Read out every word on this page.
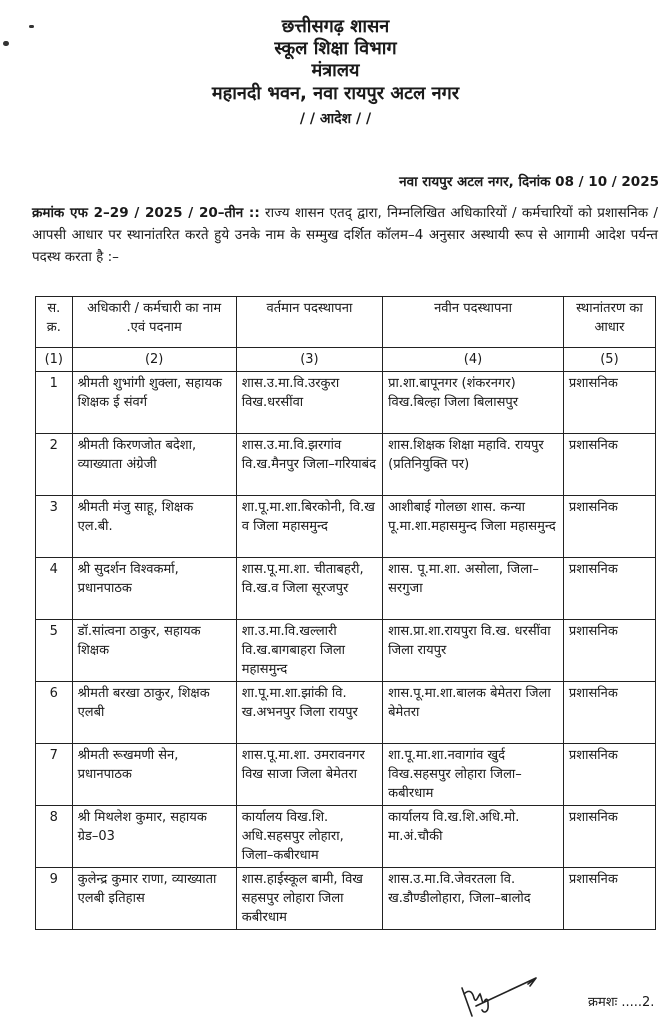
छत्तीसगढ़ शासन
स्कूल शिक्षा विभाग
मंत्रालय
महानदी भवन, नवा रायपुर अटल नगर
/ / आदेश / /
नवा रायपुर अटल नगर, दिनांक 08 / 10 / 2025
क्रमांक एफ 2–29 / 2025 / 20–तीन :: राज्य शासन एतद् द्वारा, निम्नलिखित अधिकारियों / कर्मचारियों को प्रशासनिक / आपसी आधार पर स्थानांतरित करते हुये उनके नाम के सम्मुख दर्शित कॉलम–4 अनुसार अस्थायी रूप से आगामी आदेश पर्यन्त पदस्थ करता है :–
स. क्र.	अधिकारी / कर्मचारी का नाम .एवं पदनाम	वर्तमान पदस्थापना	नवीन पदस्थापना	स्थानांतरण का आधार
(1)	(2)	(3)	(4)	(5)
1	श्रीमती शुभांगी शुक्ला, सहायक शिक्षक ई संवर्ग	शास.उ.मा.वि.उरकुरा विख.धरसींवा	प्रा.शा.बापूनगर (शंकरनगर) विख.बिल्हा जिला बिलासपुर	प्रशासनिक
2	श्रीमती किरणजोत बदेशा, व्याख्याता अंग्रेजी	शास.उ.मा.वि.झरगांव वि.ख.मैनपुर जिला–गरियाबंद	शास.शिक्षक शिक्षा महावि. रायपुर (प्रतिनियुक्ति पर)	प्रशासनिक
3	श्रीमती मंजु साहू, शिक्षक एल.बी.	शा.पू.मा.शा.बिरकोनी, वि.ख व जिला महासमुन्द	आशीबाई गोलछा शास. कन्या पू.मा.शा.महासमुन्द जिला महासमुन्द	प्रशासनिक
4	श्री सुदर्शन विश्वकर्मा, प्रधानपाठक	शास.पू.मा.शा. चीताबहरी, वि.ख.व जिला सूरजपुर	शास. पू.मा.शा. असोला, जिला–सरगुजा	प्रशासनिक
5	डॉ.सांत्वना ठाकुर, सहायक शिक्षक	शा.उ.मा.वि.खल्लारी वि.ख.बागबाहरा जिला महासमुन्द	शास.प्रा.शा.रायपुरा वि.ख. धरसींवा जिला रायपुर	प्रशासनिक
6	श्रीमती बरखा ठाकुर, शिक्षक एलबी	शा.पू.मा.शा.झांकी वि. ख.अभनपुर जिला रायपुर	शास.पू.मा.शा.बालक बेमेतरा जिला बेमेतरा	प्रशासनिक
7	श्रीमती रूखमणी सेन, प्रधानपाठक	शास.पू.मा.शा. उमरावनगर विख साजा जिला बेमेतरा	शा.पू.मा.शा.नवागांव खुर्द विख.सहसपुर लोहारा जिला–कबीरधाम	प्रशासनिक
8	श्री मिथलेश कुमार, सहायक ग्रेड–03	कार्यालय विख.शि. अधि.सहसपुर लोहारा, जिला–कबीरधाम	कार्यालय वि.ख.शि.अधि.मो. मा.अं.चौकी	प्रशासनिक
9	कुलेन्द्र कुमार राणा, व्याख्याता एलबी इतिहास	शास.हाईस्कूल बामी, विख सहसपुर लोहारा जिला कबीरधाम	शास.उ.मा.वि.जेवरतला वि. ख.डौण्डीलोहारा, जिला–बालोद	प्रशासनिक
क्रमशः .....2.
